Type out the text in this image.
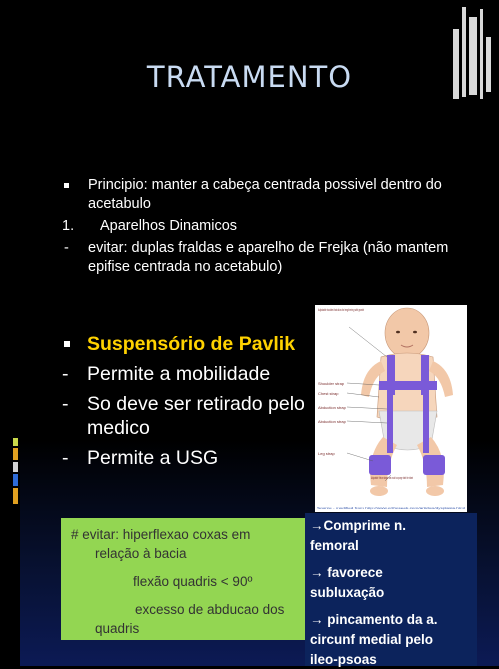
TRATAMENTO
Principio: manter a cabeça centrada possivel dentro do acetabulo
1. Aparelhos Dinamicos
- evitar: duplas fraldas e aparelho de Frejka (não mantem epifise centrada no acetabulo)
Suspensório de Pavlik
- Permite a mobilidade
- So deve ser retirado pelo medico
- Permite a USG
Adjustable buckles that allow for lengthening with growth
Shoulder strap
Chest strap
Abduction strap
Abduction strap
Leg strap
Adjustable Velcro straps that undo to sponge bath the infant
Source - modified from http://www.orthoseek.com/articles/dysplasia.html
# evitar: hiperflexao coxas em
relação à bacia
flexão quadris < 90º
excesso de abducao dos
quadris
→Comprime n.
femoral
→ favorece
subluxação
→ pincamento da a.
circunf medial pelo
ileo-psoas
